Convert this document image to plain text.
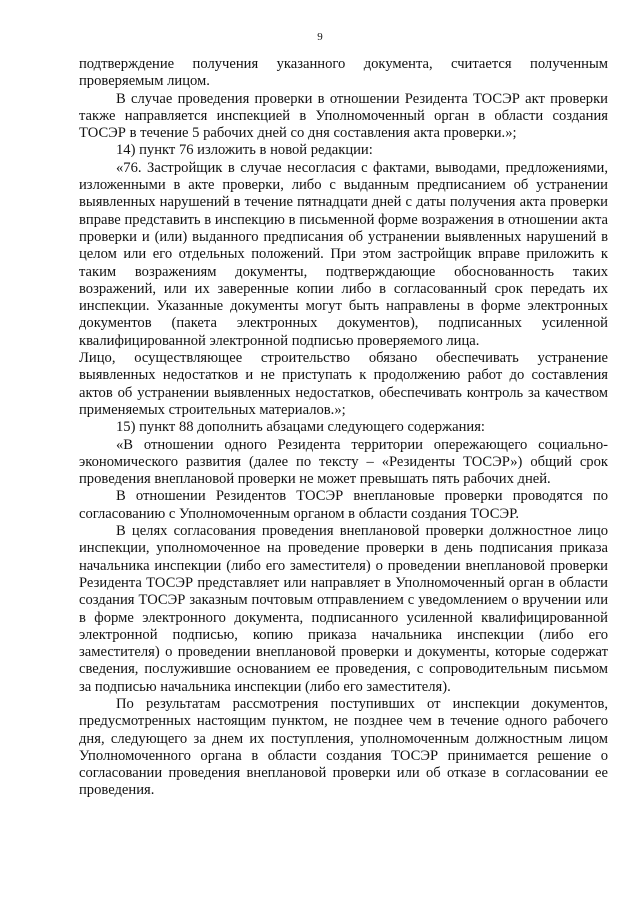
9

подтверждение получения указанного документа, считается полученным проверяемым лицом.

В случае проведения проверки в отношении Резидента ТОСЭР акт проверки также направляется инспекцией в Уполномоченный орган в области создания ТОСЭР в течение 5 рабочих дней со дня составления акта проверки.»;

14) пункт 76 изложить в новой редакции:

«76. Застройщик в случае несогласия с фактами, выводами, предложениями, изложенными в акте проверки, либо с выданным предписанием об устранении выявленных нарушений в течение пятнадцати дней с даты получения акта проверки вправе представить в инспекцию в письменной форме возражения в отношении акта проверки и (или) выданного предписания об устранении выявленных нарушений в целом или его отдельных положений. При этом застройщик вправе приложить к таким возражениям документы, подтверждающие обоснованность таких возражений, или их заверенные копии либо в согласованный срок передать их инспекции. Указанные документы могут быть направлены в форме электронных документов (пакета электронных документов), подписанных усиленной квалифицированной электронной подписью проверяемого лица.

Лицо, осуществляющее строительство обязано обеспечивать устранение выявленных недостатков и не приступать к продолжению работ до составления актов об устранении выявленных недостатков, обеспечивать контроль за качеством применяемых строительных материалов.»;

15) пункт 88 дополнить абзацами следующего содержания:

«В отношении одного Резидента территории опережающего социально-экономического развития (далее по тексту – «Резиденты ТОСЭР») общий срок проведения внеплановой проверки не может превышать пять рабочих дней.

В отношении Резидентов ТОСЭР внеплановые проверки проводятся по согласованию с Уполномоченным органом в области создания ТОСЭР.

В целях согласования проведения внеплановой проверки должностное лицо инспекции, уполномоченное на проведение проверки в день подписания приказа начальника инспекции (либо его заместителя) о проведении внеплановой проверки Резидента ТОСЭР представляет или направляет в Уполномоченный орган в области создания ТОСЭР заказным почтовым отправлением с уведомлением о вручении или в форме электронного документа, подписанного усиленной квалифицированной электронной подписью, копию приказа начальника инспекции (либо его заместителя) о проведении внеплановой проверки и документы, которые содержат сведения, послужившие основанием ее проведения, с сопроводительным письмом за подписью начальника инспекции (либо его заместителя).

По результатам рассмотрения поступивших от инспекции документов, предусмотренных настоящим пунктом, не позднее чем в течение одного рабочего дня, следующего за днем их поступления, уполномоченным должностным лицом Уполномоченного органа в области создания ТОСЭР принимается решение о согласовании проведения внеплановой проверки или об отказе в согласовании ее проведения.
